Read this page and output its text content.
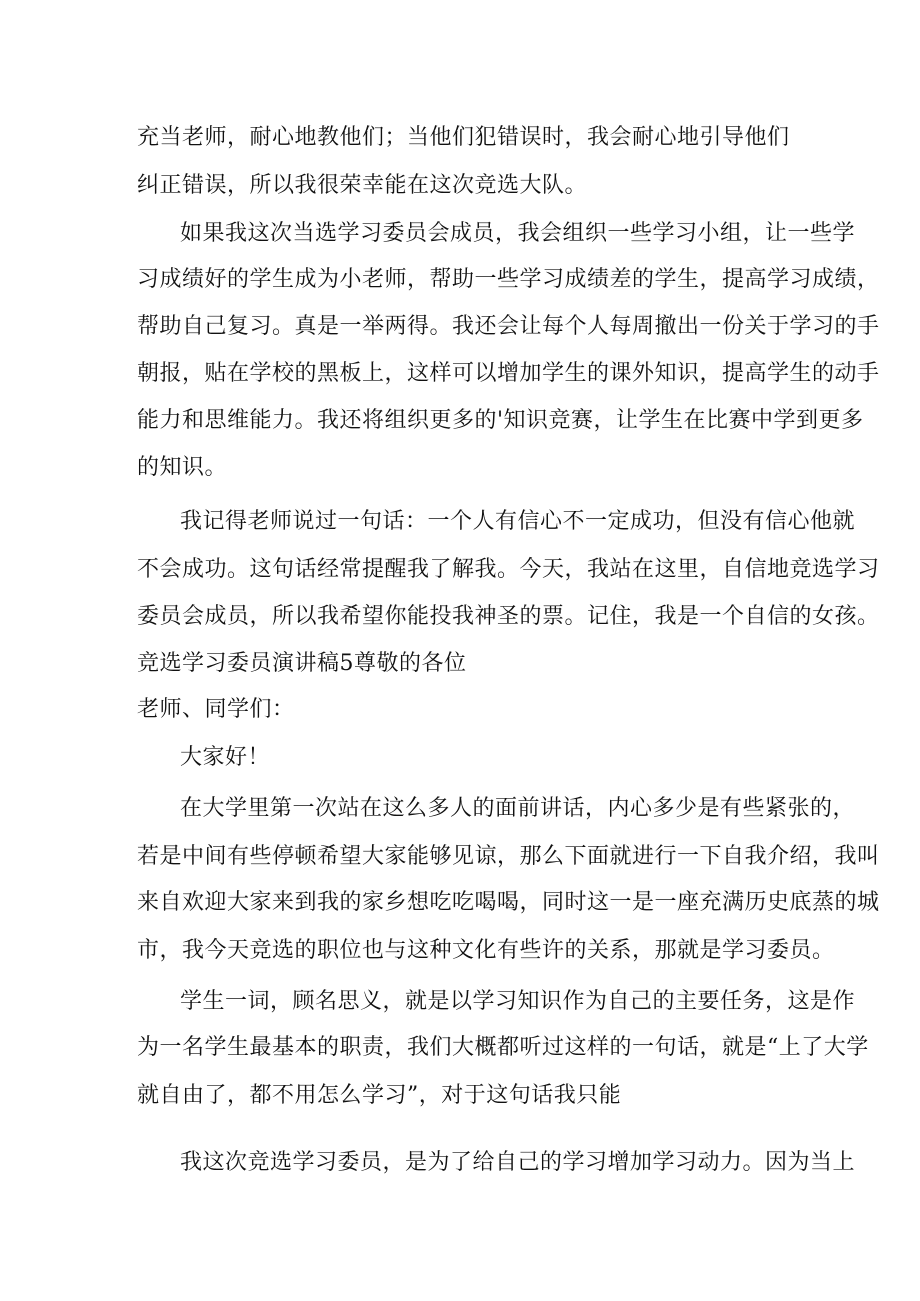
充当老师，耐心地教他们；当他们犯错误时，我会耐心地引导他们
纠正错误，所以我很荣幸能在这次竞选大队。
如果我这次当选学习委员会成员，我会组织一些学习小组，让一些学
习成绩好的学生成为小老师，帮助一些学习成绩差的学生，提高学习成绩，
帮助自己复习。真是一举两得。我还会让每个人每周撤出一份关于学习的手
朝报，贴在学校的黑板上，这样可以增加学生的课外知识，提高学生的动手
能力和思维能力。我还将组织更多的'知识竞赛，让学生在比赛中学到更多
的知识。
我记得老师说过一句话：一个人有信心不一定成功，但没有信心他就
不会成功。这句话经常提醒我了解我。今天，我站在这里，自信地竞选学习
委员会成员，所以我希望你能投我神圣的票。记住，我是一个自信的女孩。
竞选学习委员演讲稿5尊敬的各位
老师、同学们：
大家好！
在大学里第一次站在这么多人的面前讲话，内心多少是有些紧张的，
若是中间有些停顿希望大家能够见谅，那么下面就进行一下自我介绍，我叫
来自欢迎大家来到我的家乡想吃吃喝喝，同时这一是一座充满历史底蒸的城
市，我今天竞选的职位也与这种文化有些许的关系，那就是学习委员。
学生一词，顾名思义，就是以学习知识作为自己的主要任务，这是作
为一名学生最基本的职责，我们大概都听过这样的一句话，就是“上了大学
就自由了，都不用怎么学习”，对于这句话我只能
我这次竞选学习委员，是为了给自己的学习增加学习动力。因为当上
